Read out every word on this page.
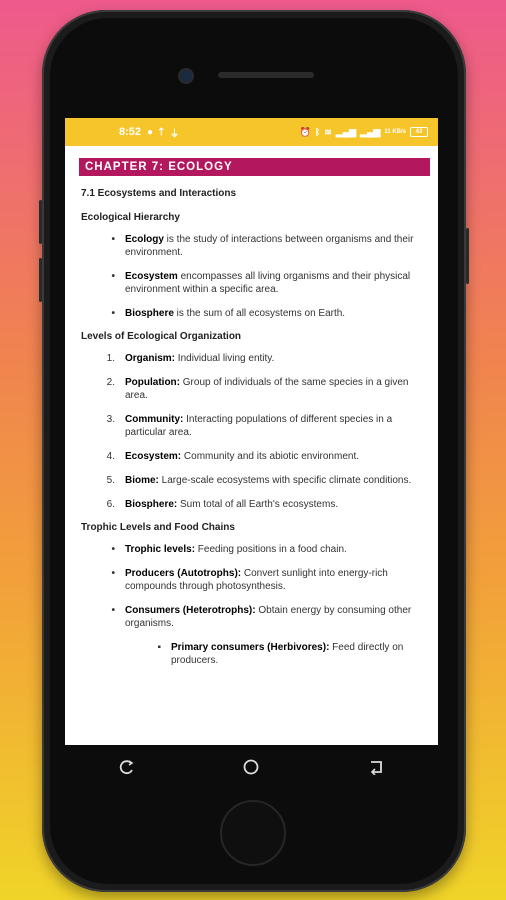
8:52 ● ⇡ ⏚	⏰ ᛒ ≋ ▂▄▆ ▂▄▆ 11 KB/s	43
CHAPTER 7: ECOLOGY
7.1 Ecosystems and Interactions
Ecological Hierarchy
• Ecology is the study of interactions between organisms and their environment.
• Ecosystem encompasses all living organisms and their physical environment within a specific area.
• Biosphere is the sum of all ecosystems on Earth.
Levels of Ecological Organization
1. Organism: Individual living entity.
2. Population: Group of individuals of the same species in a given area.
3. Community: Interacting populations of different species in a particular area.
4. Ecosystem: Community and its abiotic environment.
5. Biome: Large-scale ecosystems with specific climate conditions.
6. Biosphere: Sum total of all Earth's ecosystems.
Trophic Levels and Food Chains
• Trophic levels: Feeding positions in a food chain.
• Producers (Autotrophs): Convert sunlight into energy-rich compounds through photosynthesis.
• Consumers (Heterotrophs): Obtain energy by consuming other organisms.
▪ Primary consumers (Herbivores): Feed directly on producers.
